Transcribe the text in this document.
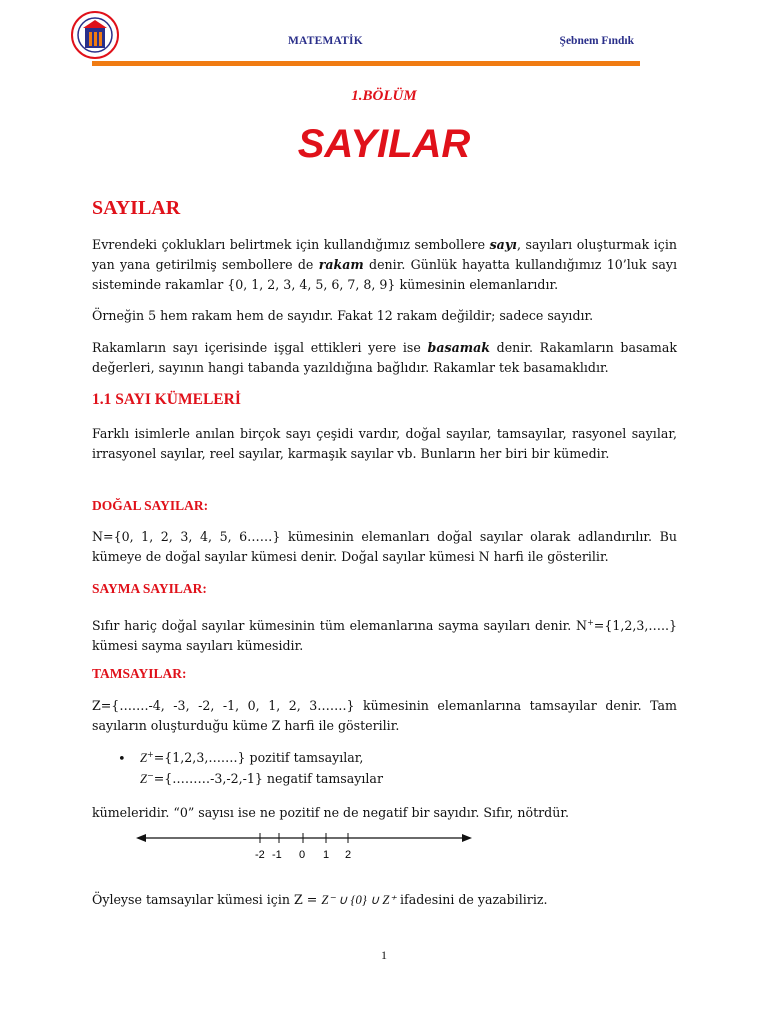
MATEMATİK	Şebnem Fındık
1.BÖLÜM
SAYILAR
SAYILAR
Evrendeki çoklukları belirtmek için kullandığımız sembollere sayı, sayıları oluşturmak için yan yana getirilmiş sembollere de rakam denir. Günlük hayatta kullandığımız 10’luk sayı sisteminde rakamlar {0, 1, 2, 3, 4, 5, 6, 7, 8, 9} kümesinin elemanlarıdır.
Örneğin 5 hem rakam hem de sayıdır. Fakat 12 rakam değildir; sadece sayıdır.
Rakamların sayı içerisinde işgal ettikleri yere ise basamak denir. Rakamların basamak değerleri, sayının hangi tabanda yazıldığına bağlıdır. Rakamlar tek basamaklıdır.
1.1 SAYI KÜMELERİ
Farklı isimlerle anılan birçok sayı çeşidi vardır, doğal sayılar, tamsayılar, rasyonel sayılar, irrasyonel sayılar, reel sayılar, karmaşık sayılar vb. Bunların her biri bir kümedir.
DOĞAL SAYILAR:
N={0, 1, 2, 3, 4, 5, 6……} kümesinin elemanları doğal sayılar olarak adlandırılır. Bu kümeye de doğal sayılar kümesi denir. Doğal sayılar kümesi N harfi ile gösterilir.
SAYMA SAYILAR:
Sıfır hariç doğal sayılar kümesinin tüm elemanlarına sayma sayıları denir. N+={1,2,3,…..} kümesi sayma sayıları kümesidir.
TAMSAYILAR:
Z={…….-4, -3, -2, -1, 0, 1, 2, 3…….} kümesinin elemanlarına tamsayılar denir. Tam sayıların oluşturduğu küme Z harfi ile gösterilir.
• Z+={1,2,3,…….} pozitif tamsayılar,
Z−={………-3,-2,-1} negatif tamsayılar
kümeleridir. “0” sayısı ise ne pozitif ne de negatif bir sayıdır. Sıfır, nötrdür.
-2 -1 0 1 2
Öyleyse tamsayılar kümesi için Z = Z⁻ ∪ {0} ∪ Z⁺ ifadesini de yazabiliriz.
1
